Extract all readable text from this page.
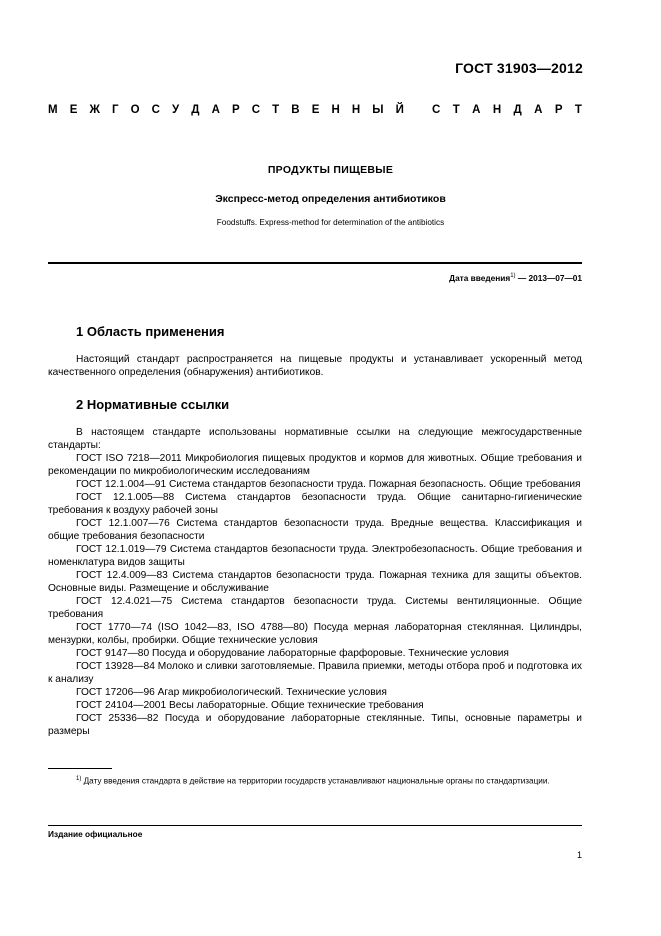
ГОСТ 31903—2012
М Е Ж Г О С У Д А Р С Т В Е Н Н Ы Й С Т А Н Д А Р Т
ПРОДУКТЫ ПИЩЕВЫЕ
Экспресс-метод определения антибиотиков
Foodstuffs. Express-method for determination of the antibiotics
Дата введения$^{1)}$ — 2013—07—01
1 Область применения
Настоящий стандарт распространяется на пищевые продукты и устанавливает ускоренный метод качественного определения (обнаружения) антибиотиков.
2 Нормативные ссылки
В настоящем стандарте использованы нормативные ссылки на следующие межгосударственные стандарты:
ГОСТ ISO 7218—2011 Микробиология пищевых продуктов и кормов для животных. Общие требования и рекомендации по микробиологическим исследованиям
ГОСТ 12.1.004—91 Система стандартов безопасности труда. Пожарная безопасность. Общие требования
ГОСТ 12.1.005—88 Система стандартов безопасности труда. Общие санитарно-гигиенические требования к воздуху рабочей зоны
ГОСТ 12.1.007—76 Система стандартов безопасности труда. Вредные вещества. Классификация и общие требования безопасности
ГОСТ 12.1.019—79 Система стандартов безопасности труда. Электробезопасность. Общие требования и номенклатура видов защиты
ГОСТ 12.4.009—83 Система стандартов безопасности труда. Пожарная техника для защиты объектов. Основные виды. Размещение и обслуживание
ГОСТ 12.4.021—75 Система стандартов безопасности труда. Системы вентиляционные. Общие требования
ГОСТ 1770—74 (ISO 1042—83, ISO 4788—80) Посуда мерная лабораторная стеклянная. Цилиндры, мензурки, колбы, пробирки. Общие технические условия
ГОСТ 9147—80 Посуда и оборудование лабораторные фарфоровые. Технические условия
ГОСТ 13928—84 Молоко и сливки заготовляемые. Правила приемки, методы отбора проб и подготовка их к анализу
ГОСТ 17206—96 Агар микробиологический. Технические условия
ГОСТ 24104—2001 Весы лабораторные. Общие технические требования
ГОСТ 25336—82 Посуда и оборудование лабораторные стеклянные. Типы, основные параметры и размеры
$^{1)}$ Дату введения стандарта в действие на территории государств устанавливают национальные органы по стандартизации.
Издание официальное
1
